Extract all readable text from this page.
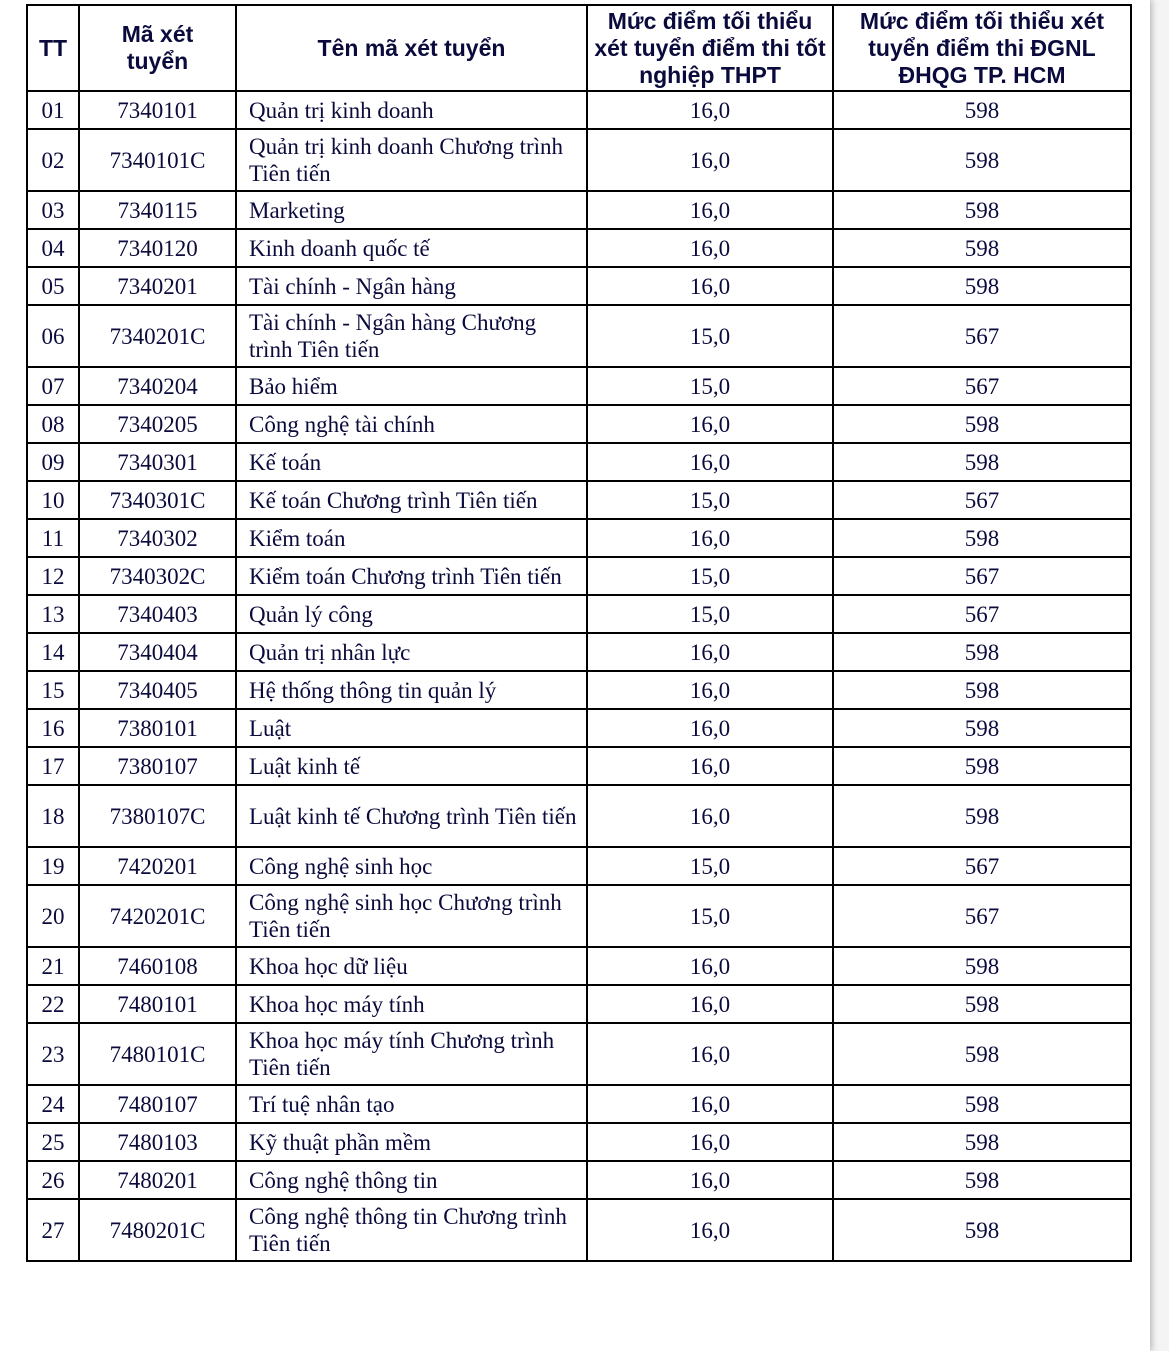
TT	Mã xét tuyển	Tên mã xét tuyển	Mức điểm tối thiểu xét tuyển điểm thi tốt nghiệp THPT	Mức điểm tối thiểu xét tuyển điểm thi ĐGNL ĐHQG TP. HCM
01	7340101	Quản trị kinh doanh	16,0	598
02	7340101C	Quản trị kinh doanh Chương trình Tiên tiến	16,0	598
03	7340115	Marketing	16,0	598
04	7340120	Kinh doanh quốc tế	16,0	598
05	7340201	Tài chính - Ngân hàng	16,0	598
06	7340201C	Tài chính - Ngân hàng Chương trình Tiên tiến	15,0	567
07	7340204	Bảo hiểm	15,0	567
08	7340205	Công nghệ tài chính	16,0	598
09	7340301	Kế toán	16,0	598
10	7340301C	Kế toán Chương trình Tiên tiến	15,0	567
11	7340302	Kiểm toán	16,0	598
12	7340302C	Kiểm toán Chương trình Tiên tiến	15,0	567
13	7340403	Quản lý công	15,0	567
14	7340404	Quản trị nhân lực	16,0	598
15	7340405	Hệ thống thông tin quản lý	16,0	598
16	7380101	Luật	16,0	598
17	7380107	Luật kinh tế	16,0	598
18	7380107C	Luật kinh tế Chương trình Tiên tiến	16,0	598
19	7420201	Công nghệ sinh học	15,0	567
20	7420201C	Công nghệ sinh học Chương trình Tiên tiến	15,0	567
21	7460108	Khoa học dữ liệu	16,0	598
22	7480101	Khoa học máy tính	16,0	598
23	7480101C	Khoa học máy tính Chương trình Tiên tiến	16,0	598
24	7480107	Trí tuệ nhân tạo	16,0	598
25	7480103	Kỹ thuật phần mềm	16,0	598
26	7480201	Công nghệ thông tin	16,0	598
27	7480201C	Công nghệ thông tin Chương trình Tiên tiến	16,0	598
